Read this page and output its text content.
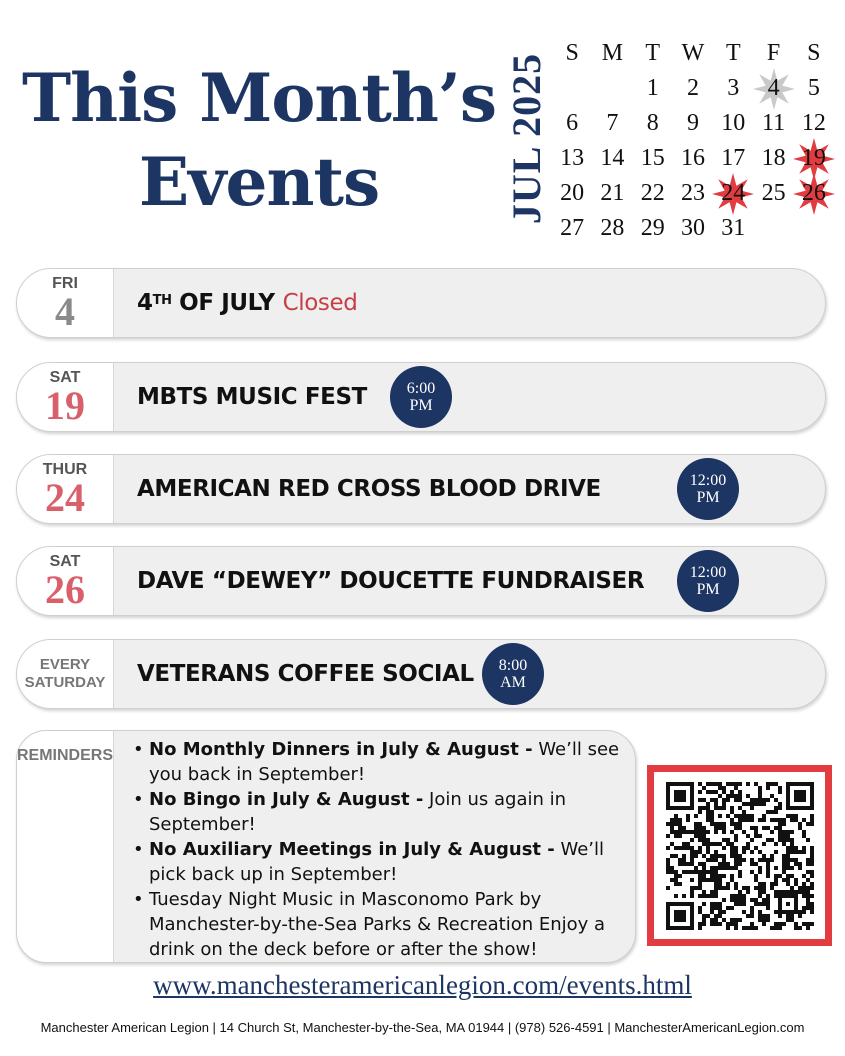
This Month’s
Events	JUL 2025 S M T W T	F	S
1 2 3 4 5
6 7 8 9 10 11 12
13 14 15 16 17 18 19
20 21 22 23 24 25 26
27 28 29 30 31
FRI
4	4TH OF JULY Closed
SAT
19 MBTS MUSIC FEST 6:00
PM
THUR
24 AMERICAN RED CROSS BLOOD DRIVE	12:00
PM
SAT
26 DAVE “DEWEY” DOUCETTE FUNDRAISER	12:00
PM
EVERY
SATURDAY VETERANS COFFEE SOCIAL 8:00
AM
REMINDERS
•	No Monthly Dinners in July & August - We’ll see you back in September!
• No Bingo in July & August - Join us again in September!
• No Auxiliary Meetings in July & August - We’ll pick back up in September!
• Tuesday Night Music in Masconomo Park by Manchester-by-the-Sea Parks & Recreation Enjoy a drink on the deck before or after the show!
www.manchesteramericanlegion.com/events.html
Manchester American Legion | 14 Church St, Manchester-by-the-Sea, MA 01944 | (978) 526-4591 | ManchesterAmericanLegion.com
